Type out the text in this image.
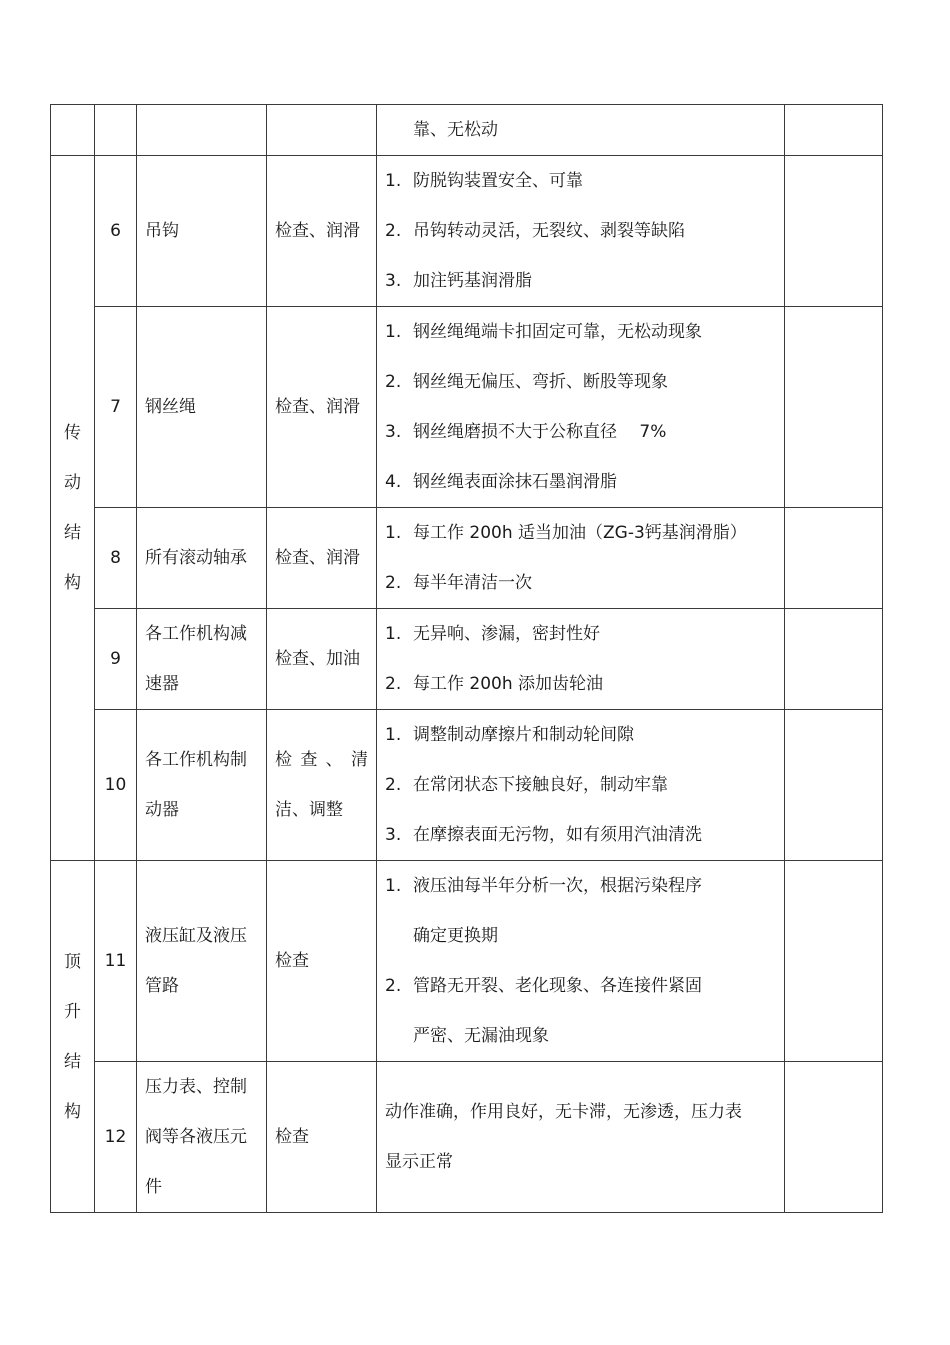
				靠、无松动	

传
动
结
构	6	吊钩	检查、润滑	1. 防脱钩装置安全、可靠
2. 吊钩转动灵活，无裂纹、剥裂等缺陷
3. 加注钙基润滑脂	

	7	钢丝绳	检查、润滑	1. 钢丝绳绳端卡扣固定可靠，无松动现象
2. 钢丝绳无偏压、弯折、断股等现象
3. 钢丝绳磨损不大于公称直径　 7%
4. 钢丝绳表面涂抹石墨润滑脂	

	8	所有滚动轴承	检查、润滑	1. 每工作 200h 适当加油（ZG-3钙基润滑脂）
2. 每半年清洁一次	

	9	各工作机构减速器	检查、加油	1. 无异响、渗漏，密封性好
2. 每工作 200h 添加齿轮油	

	10	各工作机构制动器	检查、清洁、调整	1. 调整制动摩擦片和制动轮间隙
2. 在常闭状态下接触良好，制动牢靠
3. 在摩擦表面无污物，如有须用汽油清洗	

顶
升
结
构	11	液压缸及液压管路	检查	1. 液压油每半年分析一次，根据污染程序
确定更换期
2. 管路无开裂、老化现象、各连接件紧固
严密、无漏油现象	

	12	压力表、控制阀等各液压元件	检查	动作准确，作用良好，无卡滞，无渗透，压力表显示正常	
